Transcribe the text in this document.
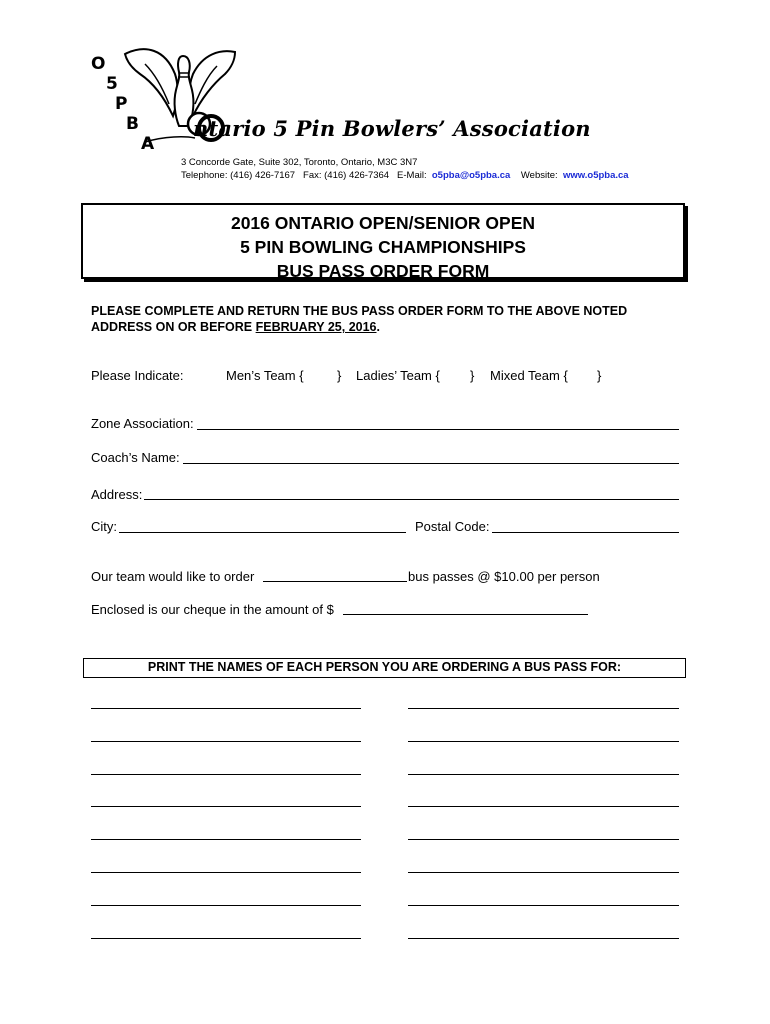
O
5
P
B
A
ntario 5 Pin Bowlers’ Association
3 Concorde Gate, Suite 302, Toronto, Ontario, M3C 3N7
Telephone: (416) 426-7167 Fax: (416) 426-7364 E-Mail: o5pba@o5pba.ca Website: www.o5pba.ca
2016 ONTARIO OPEN/SENIOR OPEN
5 PIN BOWLING CHAMPIONSHIPS
BUS PASS ORDER FORM
PLEASE COMPLETE AND RETURN THE BUS PASS ORDER FORM TO THE ABOVE NOTED ADDRESS ON OR BEFORE FEBRUARY 25, 2016.
Please Indicate:	Men’s Team {	} Ladies’ Team { } Mixed Team { }
Zone Association:
Coach’s Name:
Address:
City:	Postal Code:
Our team would like to order	bus passes @ $10.00 per person
Enclosed is our cheque in the amount of $
PRINT THE NAMES OF EACH PERSON YOU ARE ORDERING A BUS PASS FOR:
